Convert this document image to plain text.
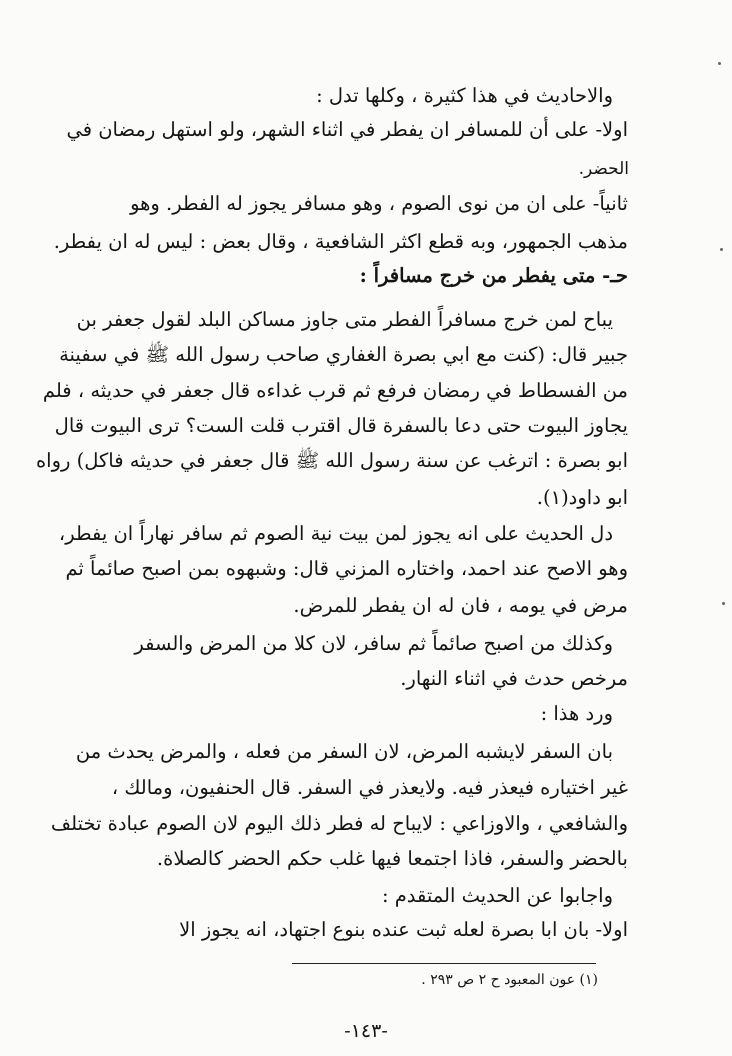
والاحاديث في هذا كثيرة ، وكلها تدل :
اولا- على أن للمسافر ان يفطر في اثناء الشهر، ولو استهل رمضان في
الحضر.
ثانياً- على ان من نوى الصوم ، وهو مسافر يجوز له الفطر. وهو
مذهب الجمهور، وبه قطع اكثر الشافعية ، وقال بعض : ليس له ان يفطر.
حـ- متى يفطر من خرج مسافراً :
يباح لمن خرج مسافراً الفطر متى جاوز مساكن البلد لقول جعفر بن
جبير قال: (كنت مع ابي بصرة الغفاري صاحب رسول الله ﷺ في سفينة
من الفسطاط في رمضان فرفع ثم قرب غداءه قال جعفر في حديثه ، فلم
يجاوز البيوت حتى دعا بالسفرة قال اقترب قلت الست؟ ترى البيوت قال
ابو بصرة : اترغب عن سنة رسول الله ﷺ قال جعفر في حديثه فاكل) رواه
ابو داود(١).
دل الحديث على انه يجوز لمن بيت نية الصوم ثم سافر نهاراً ان يفطر،
وهو الاصح عند احمد، واختاره المزني قال: وشبهوه بمن اصبح صائماً ثم
مرض في يومه ، فان له ان يفطر للمرض.
وكذلك من اصبح صائماً ثم سافر، لان كلا من المرض والسفر
مرخص حدث في اثناء النهار.
ورد هذا :
بان السفر لايشبه المرض، لان السفر من فعله ، والمرض يحدث من
غير اختياره فيعذر فيه. ولايعذر في السفر. قال الحنفيون، ومالك ،
والشافعي ، والاوزاعي : لايباح له فطر ذلك اليوم لان الصوم عبادة تختلف
بالحضر والسفر، فاذا اجتمعا فيها غلب حكم الحضر كالصلاة.
واجابوا عن الحديث المتقدم :
اولا- بان ابا بصرة لعله ثبت عنده بنوع اجتهاد، انه يجوز الا
(١) عون المعبود ح ٢ ص ٢٩٣ .
-١٤٣-
